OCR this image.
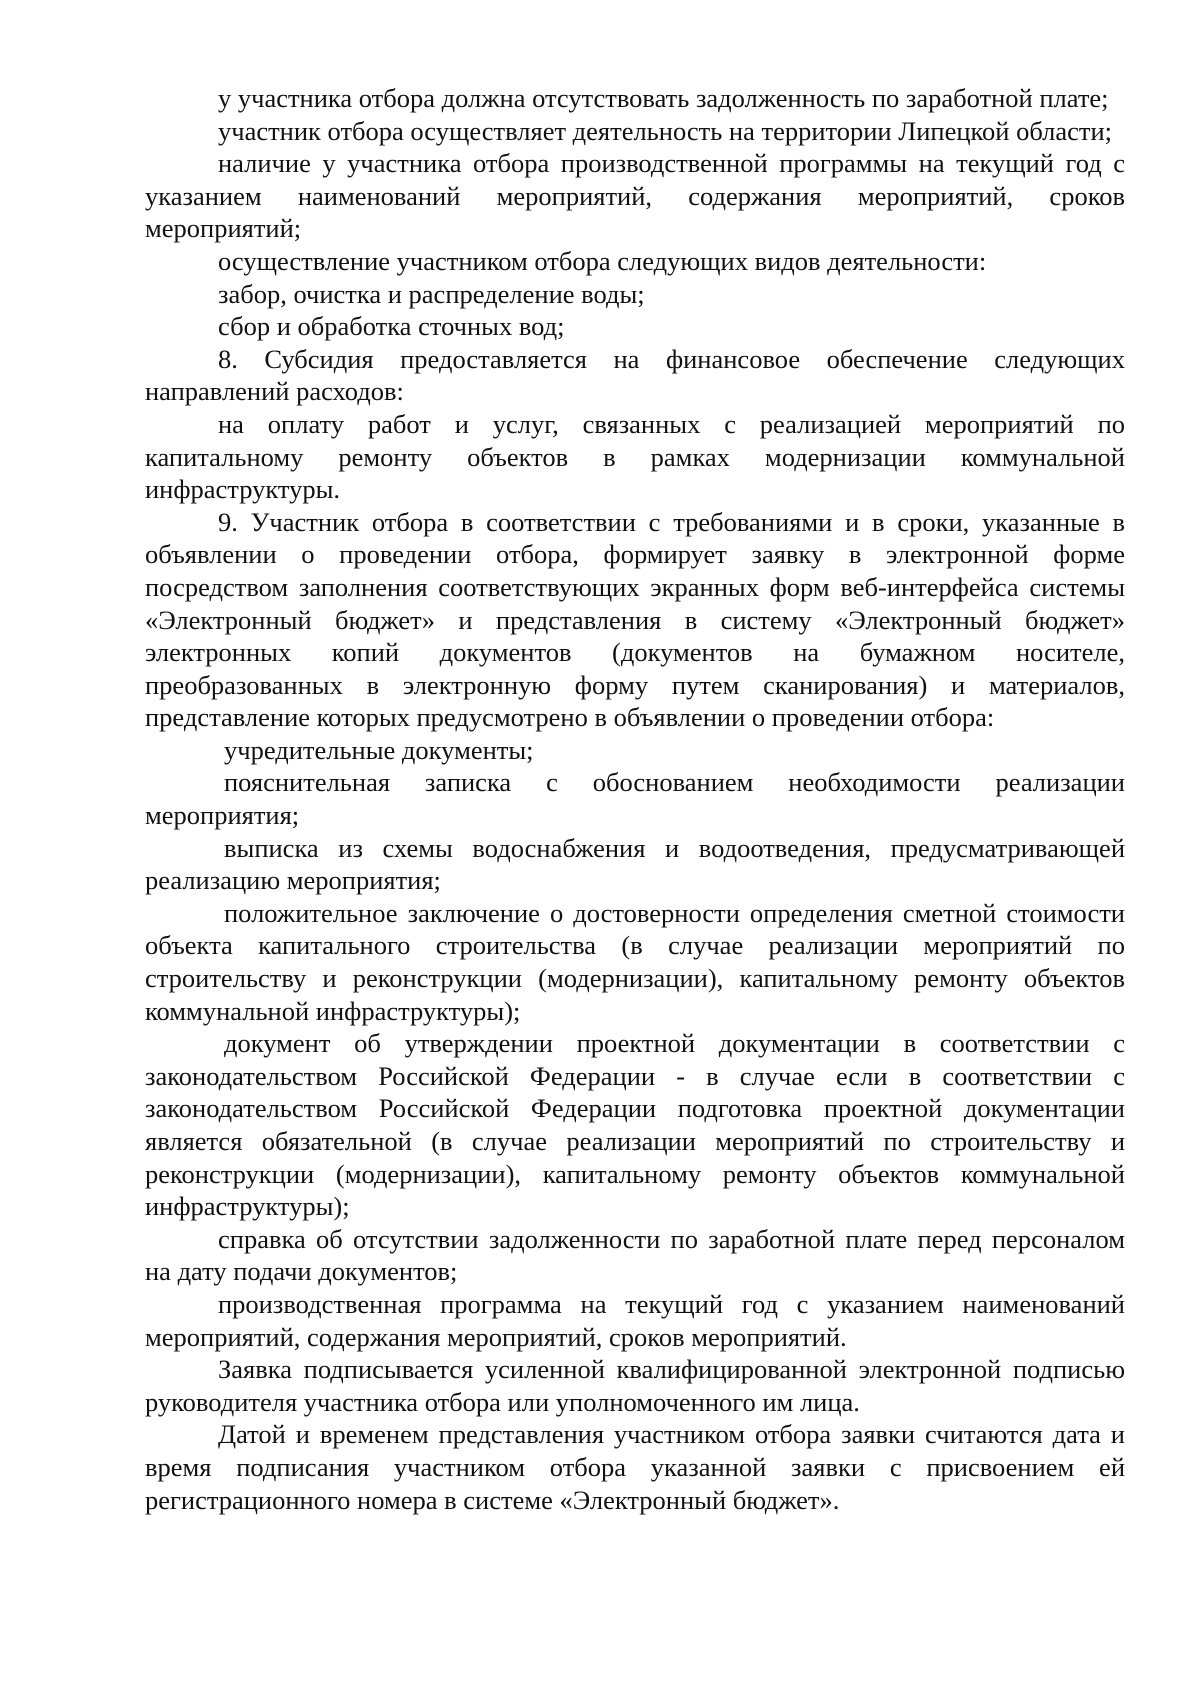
у участника отбора должна отсутствовать задолженность по заработной плате;

участник отбора осуществляет деятельность на территории Липецкой области;

наличие у участника отбора производственной программы на текущий год с указанием наименований мероприятий, содержания мероприятий, сроков мероприятий;

осуществление участником отбора следующих видов деятельности:

забор, очистка и распределение воды;

сбор и обработка сточных вод;

8. Субсидия предоставляется на финансовое обеспечение следующих направлений расходов:

на оплату работ и услуг, связанных с реализацией мероприятий по капитальному ремонту объектов в рамках модернизации коммунальной инфраструктуры.

9. Участник отбора в соответствии с требованиями и в сроки, указанные в объявлении о проведении отбора, формирует заявку в электронной форме посредством заполнения соответствующих экранных форм веб-интерфейса системы «Электронный бюджет» и представления в систему «Электронный бюджет» электронных копий документов (документов на бумажном носителе, преобразованных в электронную форму путем сканирования) и материалов, представление которых предусмотрено в объявлении о проведении отбора:

учредительные документы;

пояснительная записка с обоснованием необходимости реализации мероприятия;

выписка из схемы водоснабжения и водоотведения, предусматривающей реализацию мероприятия;

положительное заключение о достоверности определения сметной стоимости объекта капитального строительства (в случае реализации мероприятий по строительству и реконструкции (модернизации), капитальному ремонту объектов коммунальной инфраструктуры);

документ об утверждении проектной документации в соответствии с законодательством Российской Федерации - в случае если в соответствии с законодательством Российской Федерации подготовка проектной документации является обязательной (в случае реализации мероприятий по строительству и реконструкции (модернизации), капитальному ремонту объектов коммунальной инфраструктуры);

справка об отсутствии задолженности по заработной плате перед персоналом на дату подачи документов;

производственная программа на текущий год с указанием наименований мероприятий, содержания мероприятий, сроков мероприятий.

Заявка подписывается усиленной квалифицированной электронной подписью руководителя участника отбора или уполномоченного им лица.

Датой и временем представления участником отбора заявки считаются дата и время подписания участником отбора указанной заявки с присвоением ей регистрационного номера в системе «Электронный бюджет».
